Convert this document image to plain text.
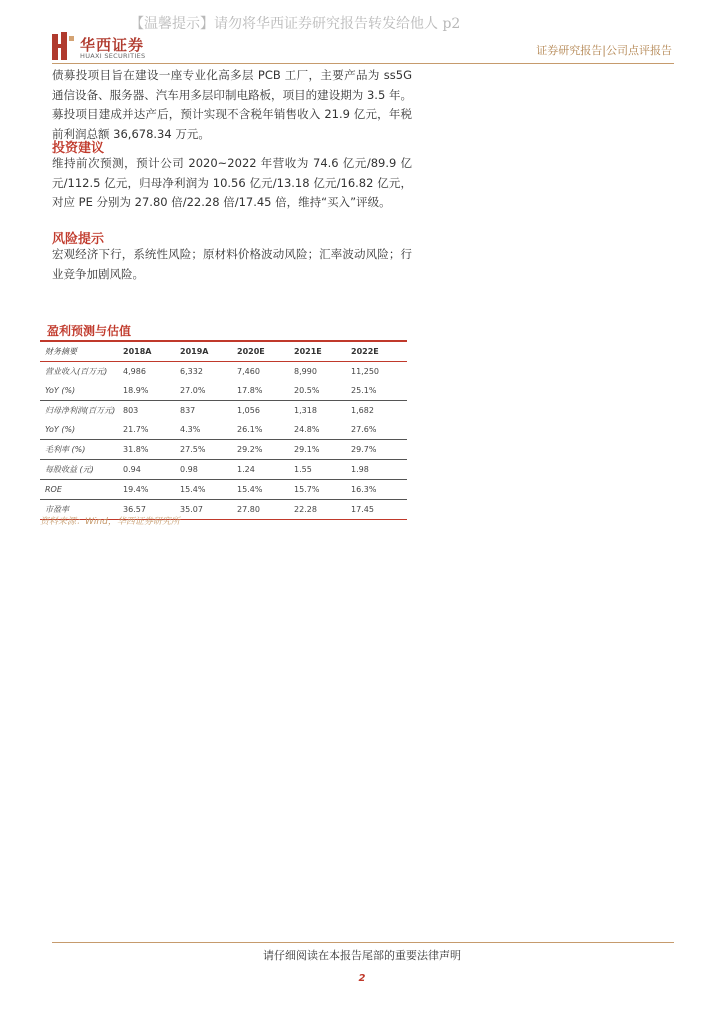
【温馨提示】请勿将华西证券研究报告转发给他人 p2
华西证券
HUAXI SECURITIES	证券研究报告|公司点评报告
债募投项目旨在建设一座专业化高多层 PCB 工厂，主要产品为 ss5G 通信设备、服务器、汽车用多层印制电路板，项目的建设期为 3.5 年。募投项目建成并达产后，预计实现不含税年销售收入 21.9 亿元，年税前利润总额 36,678.34 万元。
投资建议
维持前次预测，预计公司 2020~2022 年营收为 74.6 亿元/89.9 亿元/112.5 亿元，归母净利润为 10.56 亿元/13.18 亿元/16.82 亿元，对应 PE 分别为 27.80 倍/22.28 倍/17.45 倍，维持“买入”评级。
风险提示
宏观经济下行，系统性风险；原材料价格波动风险；汇率波动风险；行业竞争加剧风险。
盈利预测与估值
财务摘要	2018A	2019A	2020E	2021E	2022E
营业收入(百万元)	4,986	6,332	7,460	8,990	11,250
YoY (%)	18.9%	27.0%	17.8%	20.5%	25.1%
归母净利润(百万元)	803	837	1,056	1,318	1,682
YoY (%)	21.7%	4.3%	26.1%	24.8%	27.6%
毛利率 (%)	31.8%	27.5%	29.2%	29.1%	29.7%
每股收益 (元)	0.94	0.98	1.24	1.55	1.98
ROE	19.4%	15.4%	15.4%	15.7%	16.3%
市盈率	36.57	35.07	27.80	22.28	17.45
资料来源：Wind，华西证券研究所
请仔细阅读在本报告尾部的重要法律声明
2
